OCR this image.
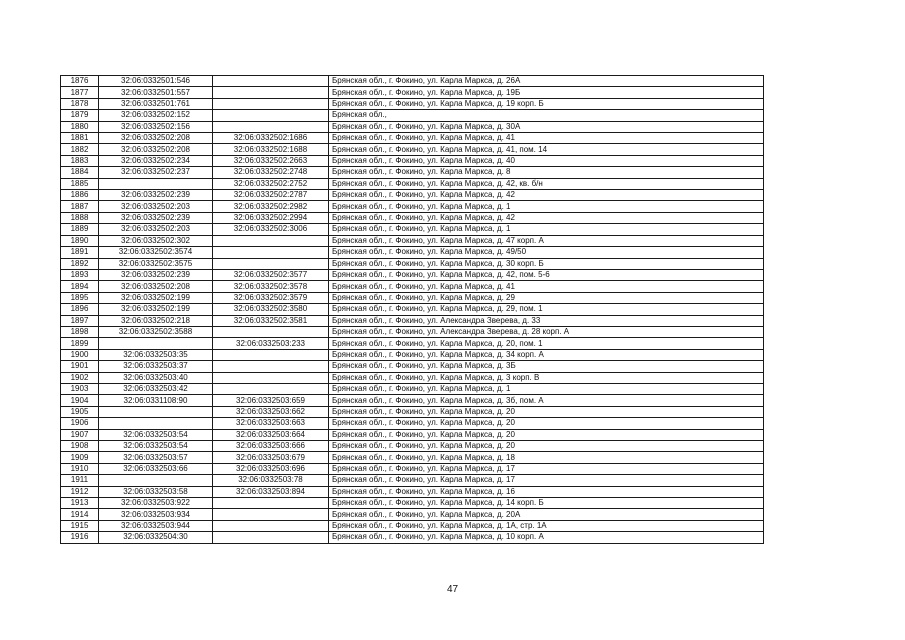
1876	32:06:0332501:546		Брянская обл., г. Фокино, ул. Карла Маркса, д. 26А
1877	32:06:0332501:557		Брянская обл., г. Фокино, ул. Карла Маркса, д. 19Б
1878	32:06:0332501:761		Брянская обл., г. Фокино, ул. Карла Маркса, д. 19 корп. Б
1879	32:06:0332502:152		Брянская обл.,
1880	32:06:0332502:156		Брянская обл., г. Фокино, ул. Карла Маркса, д. 30А
1881	32:06:0332502:208	32:06:0332502:1686	Брянская обл., г. Фокино, ул. Карла Маркса, д. 41
1882	32:06:0332502:208	32:06:0332502:1688	Брянская обл., г. Фокино, ул. Карла Маркса, д. 41, пом. 14
1883	32:06:0332502:234	32:06:0332502:2663	Брянская обл., г. Фокино, ул. Карла Маркса, д. 40
1884	32:06:0332502:237	32:06:0332502:2748	Брянская обл., г. Фокино, ул. Карла Маркса, д. 8
1885		32:06:0332502:2752	Брянская обл., г. Фокино, ул. Карла Маркса, д. 42, кв. б/н
1886	32:06:0332502:239	32:06:0332502:2787	Брянская обл., г. Фокино, ул. Карла Маркса, д. 42
1887	32:06:0332502:203	32:06:0332502:2982	Брянская обл., г. Фокино, ул. Карла Маркса, д. 1
1888	32:06:0332502:239	32:06:0332502:2994	Брянская обл., г. Фокино, ул. Карла Маркса, д. 42
1889	32:06:0332502:203	32:06:0332502:3006	Брянская обл., г. Фокино, ул. Карла Маркса, д. 1
1890	32:06:0332502:302		Брянская обл., г. Фокино, ул. Карла Маркса, д. 47 корп. А
1891	32:06:0332502:3574		Брянская обл., г. Фокино, ул. Карла Маркса, д. 49/50
1892	32:06:0332502:3575		Брянская обл., г. Фокино, ул. Карла Маркса, д. 30 корп. Б
1893	32:06:0332502:239	32:06:0332502:3577	Брянская обл., г. Фокино, ул. Карла Маркса, д. 42, пом. 5-6
1894	32:06:0332502:208	32:06:0332502:3578	Брянская обл., г. Фокино, ул. Карла Маркса, д. 41
1895	32:06:0332502:199	32:06:0332502:3579	Брянская обл., г. Фокино, ул. Карла Маркса, д. 29
1896	32:06:0332502:199	32:06:0332502:3580	Брянская обл., г. Фокино, ул. Карла Маркса, д. 29, пом. 1
1897	32:06:0332502:218	32:06:0332502:3581	Брянская обл., г. Фокино, ул. Александра Зверева, д. 33
1898	32:06:0332502:3588		Брянская обл., г. Фокино, ул. Александра Зверева, д. 28 корп. А
1899		32:06:0332503:233	Брянская обл., г. Фокино, ул. Карла Маркса, д. 20, пом. 1
1900	32:06:0332503:35		Брянская обл., г. Фокино, ул. Карла Маркса, д. 34 корп. А
1901	32:06:0332503:37		Брянская обл., г. Фокино, ул. Карла Маркса, д. 3Б
1902	32:06:0332503:40		Брянская обл., г. Фокино, ул. Карла Маркса, д. 3 корп. В
1903	32:06:0332503:42		Брянская обл., г. Фокино, ул. Карла Маркса, д. 1
1904	32:06:0331108:90	32:06:0332503:659	Брянская обл., г. Фокино, ул. Карла Маркса, д. 3б, пом. А
1905		32:06:0332503:662	Брянская обл., г. Фокино, ул. Карла Маркса, д. 20
1906		32:06:0332503:663	Брянская обл., г. Фокино, ул. Карла Маркса, д. 20
1907	32:06:0332503:54	32:06:0332503:664	Брянская обл., г. Фокино, ул. Карла Маркса, д. 20
1908	32:06:0332503:54	32:06:0332503:666	Брянская обл., г. Фокино, ул. Карла Маркса, д. 20
1909	32:06:0332503:57	32:06:0332503:679	Брянская обл., г. Фокино, ул. Карла Маркса, д. 18
1910	32:06:0332503:66	32:06:0332503:696	Брянская обл., г. Фокино, ул. Карла Маркса, д. 17
1911		32:06:0332503:78	Брянская обл., г. Фокино, ул. Карла Маркса, д. 17
1912	32:06:0332503:58	32:06:0332503:894	Брянская обл., г. Фокино, ул. Карла Маркса, д. 16
1913	32:06:0332503:922		Брянская обл., г. Фокино, ул. Карла Маркса, д. 14 корп. Б
1914	32:06:0332503:934		Брянская обл., г. Фокино, ул. Карла Маркса, д. 20А
1915	32:06:0332503:944		Брянская обл., г. Фокино, ул. Карла Маркса, д. 1А, стр. 1А
1916	32:06:0332504:30		Брянская обл., г. Фокино, ул. Карла Маркса, д. 10 корп. А
47
